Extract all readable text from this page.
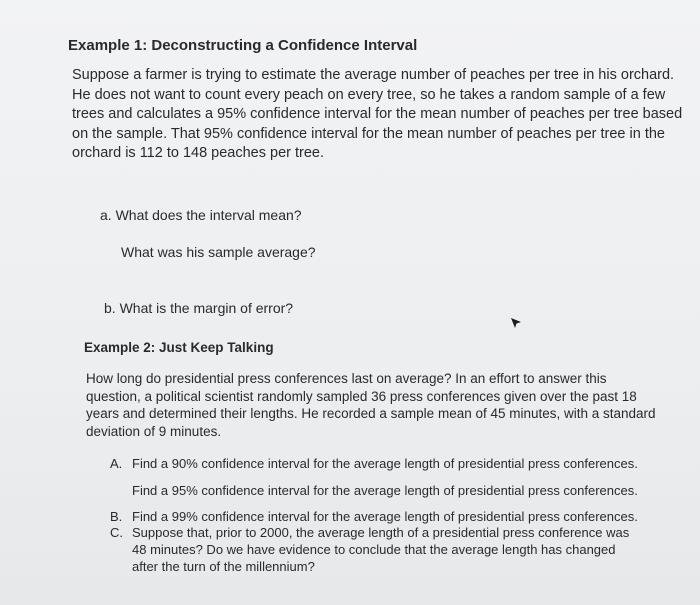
Example 1: Deconstructing a Confidence Interval
Suppose a farmer is trying to estimate the average number of peaches per tree in his orchard.
He does not want to count every peach on every tree, so he takes a random sample of a few
trees and calculates a 95% confidence interval for the mean number of peaches per tree based
on the sample. That 95% confidence interval for the mean number of peaches per tree in the
orchard is 112 to 148 peaches per tree.
a. What does the interval mean?
What was his sample average?
b. What is the margin of error?
Example 2: Just Keep Talking
How long do presidential press conferences last on average? In an effort to answer this
question, a political scientist randomly sampled 36 press conferences given over the past 18
years and determined their lengths. He recorded a sample mean of 45 minutes, with a standard
deviation of 9 minutes.
A. Find a 90% confidence interval for the average length of presidential press conferences.
Find a 95% confidence interval for the average length of presidential press conferences.
B. Find a 99% confidence interval for the average length of presidential press conferences.
C. Suppose that, prior to 2000, the average length of a presidential press conference was
48 minutes? Do we have evidence to conclude that the average length has changed
after the turn of the millennium?
